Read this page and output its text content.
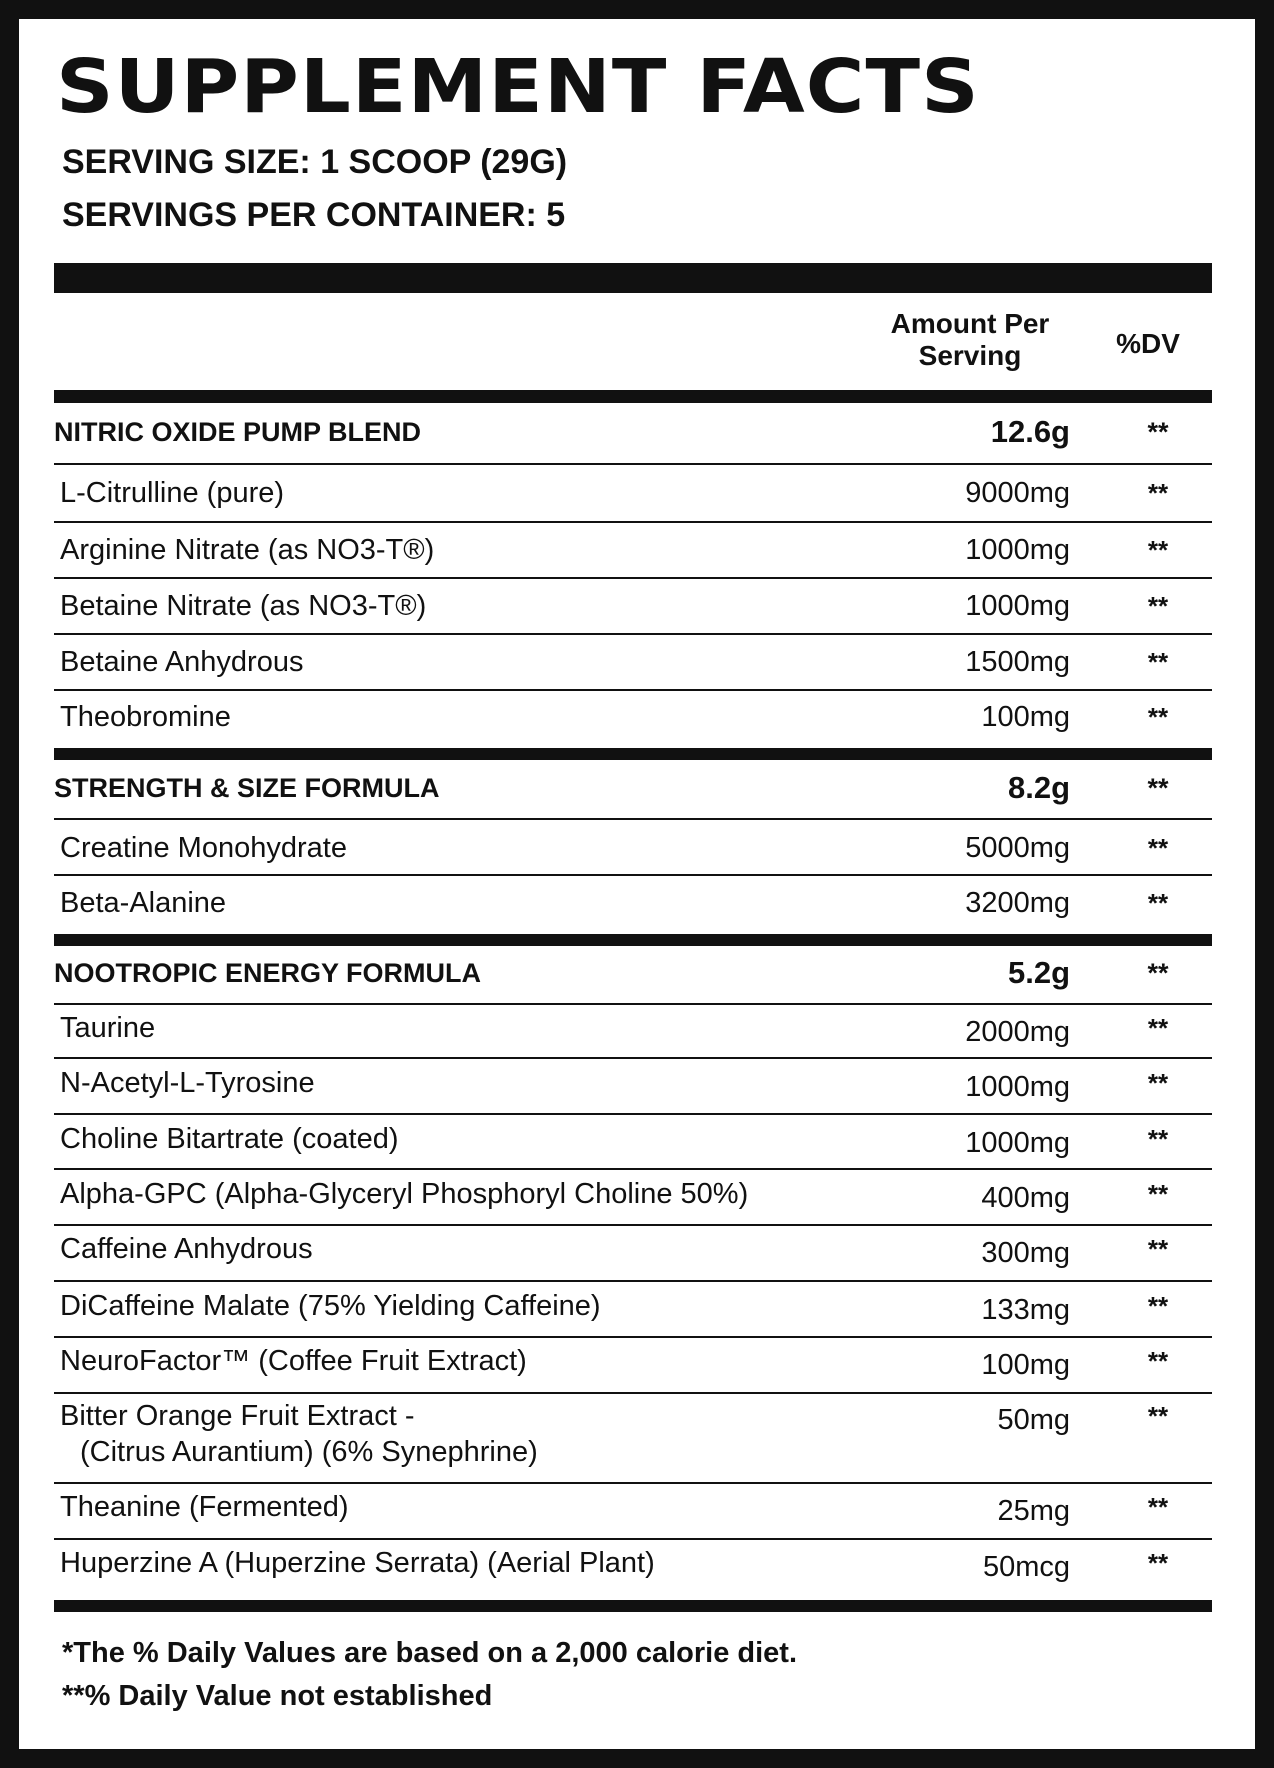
SUPPLEMENT FACTS
SERVING SIZE: 1 SCOOP (29G)
SERVINGS PER CONTAINER: 5
Amount Per
Serving	%DV
NITRIC OXIDE PUMP BLEND	12.6g	**
L-Citrulline (pure)	9000mg	**
Arginine Nitrate (as NO3-T®)	1000mg	**
Betaine Nitrate (as NO3-T®)	1000mg	**
Betaine Anhydrous	1500mg	**
Theobromine	100mg	**
STRENGTH & SIZE FORMULA	8.2g	**
Creatine Monohydrate	5000mg	**
Beta-Alanine	3200mg	**
NOOTROPIC ENERGY FORMULA	5.2g	**
Taurine	2000mg	**
N-Acetyl-L-Tyrosine	1000mg	**
Choline Bitartrate (coated)	1000mg	**
Alpha-GPC (Alpha-Glyceryl Phosphoryl Choline 50%)	400mg	**
Caffeine Anhydrous	300mg	**
DiCaffeine Malate (75% Yielding Caffeine)	133mg	**
NeuroFactor™ (Coffee Fruit Extract)	100mg	**
Bitter Orange Fruit Extract -
(Citrus Aurantium) (6% Synephrine)
50mg	**
Theanine (Fermented)	25mg	**
Huperzine A (Huperzine Serrata) (Aerial Plant)	50mcg	**
*The % Daily Values are based on a 2,000 calorie diet.
**% Daily Value not established
